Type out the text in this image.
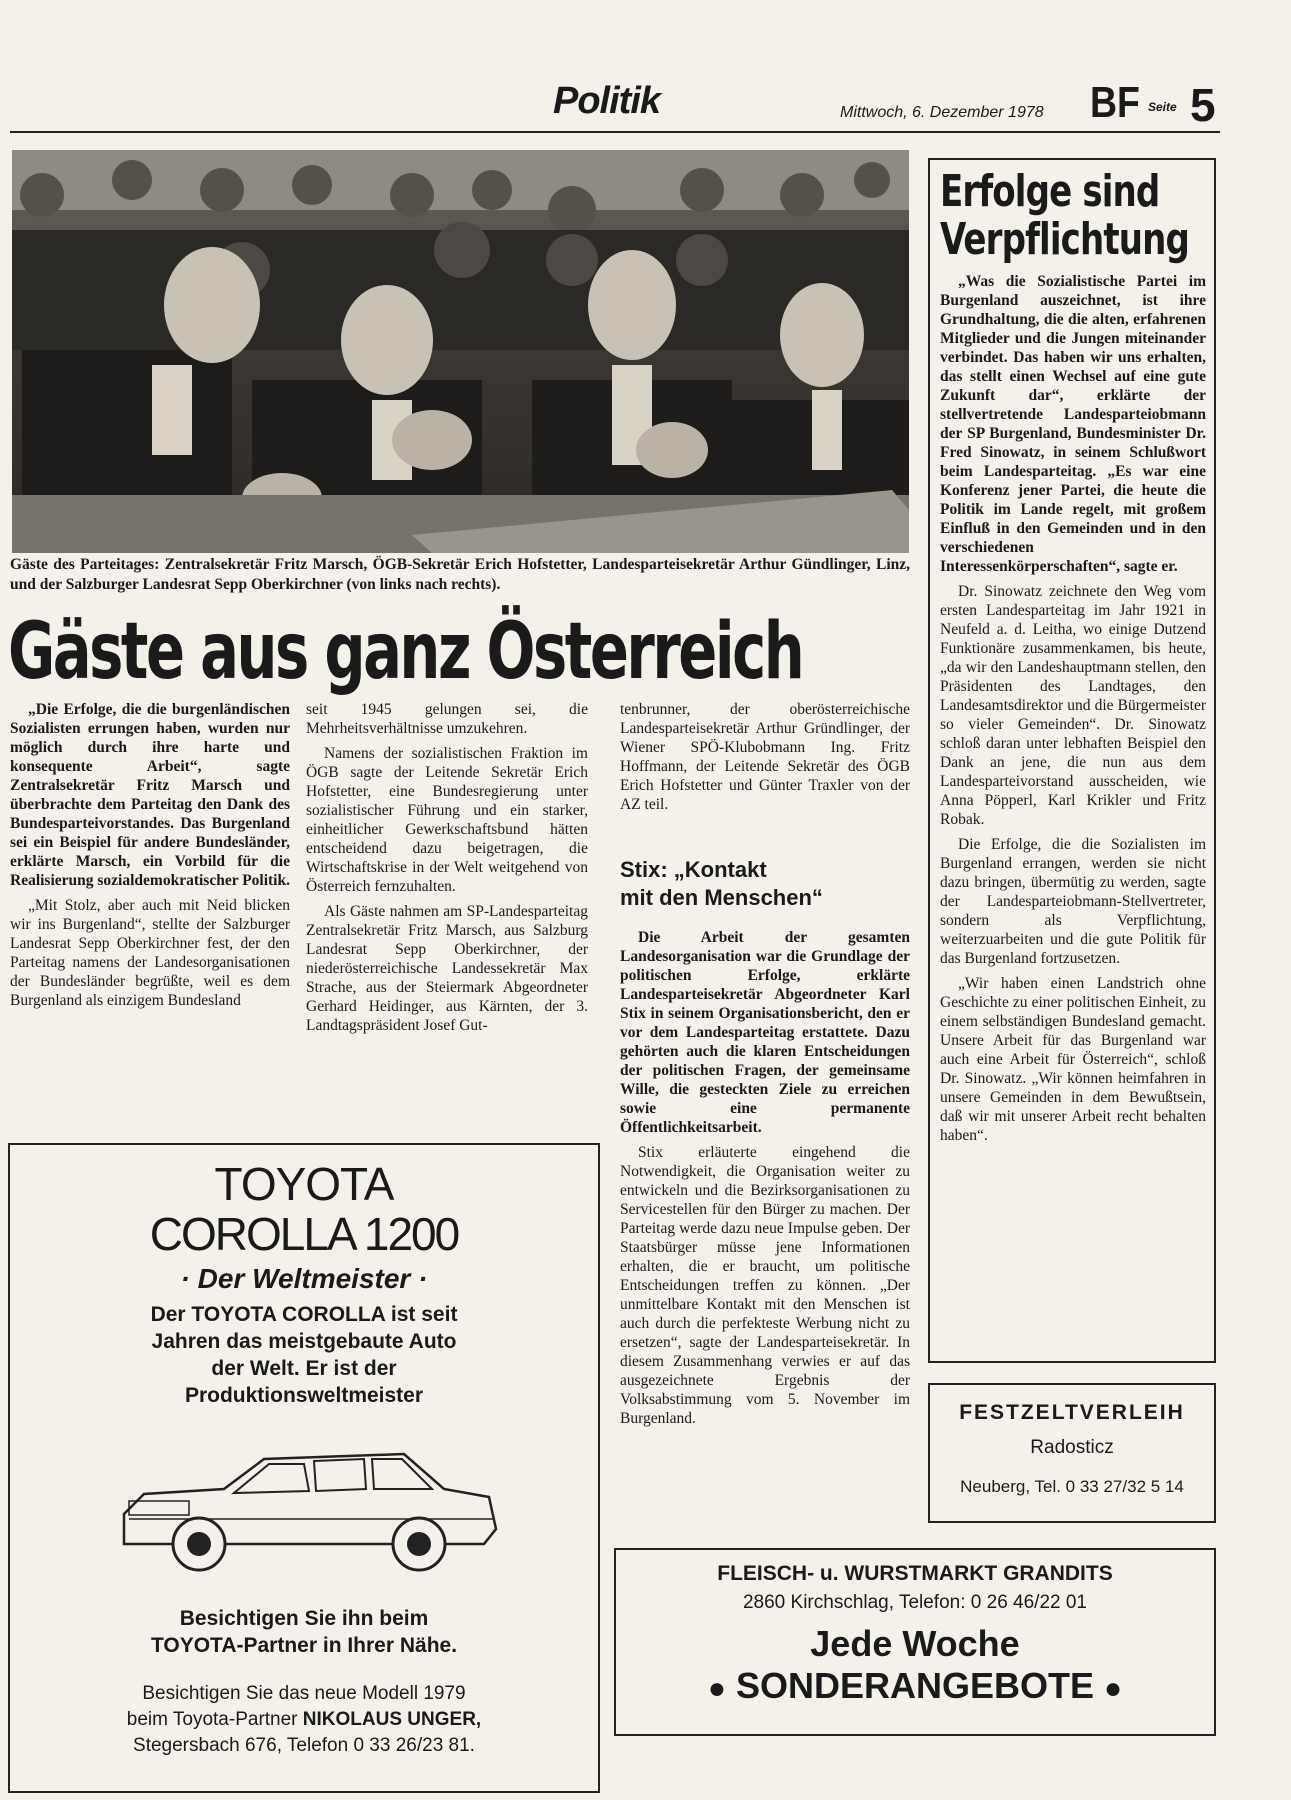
Politik	Mittwoch, 6. Dezember 1978 BF Seite 5
Gäste des Parteitages: Zentralsekretär Fritz Marsch, ÖGB-Sekretär Erich Hofstetter, Landesparteisekretär Arthur Gündlinger, Linz, und der Salzburger Landesrat Sepp Oberkirchner (von links nach rechts).
Gäste aus ganz Österreich

„Die Erfolge, die die burgenländischen Sozialisten errungen haben, wurden nur möglich durch ihre harte und konsequente Arbeit“, sagte Zentralsekretär Fritz Marsch und überbrachte dem Parteitag den Dank des Bundesparteivorstandes. Das Burgenland sei ein Beispiel für andere Bundesländer, erklärte Marsch, ein Vorbild für die Realisierung sozialdemokratischer Politik.

„Mit Stolz, aber auch mit Neid blicken wir ins Burgenland“, stellte der Salzburger Landesrat Sepp Oberkirchner fest, der den Parteitag namens der Landesorganisationen der Bundesländer begrüßte, weil es dem Burgenland als einzigem Bundesland

seit 1945 gelungen sei, die Mehrheitsverhältnisse umzukehren.

Namens der sozialistischen Fraktion im ÖGB sagte der Leitende Sekretär Erich Hofstetter, eine Bundesregierung unter sozialistischer Führung und ein starker, einheitlicher Gewerkschaftsbund hätten entscheidend dazu beigetragen, die Wirtschaftskrise in der Welt weitgehend von Österreich fernzuhalten.

Als Gäste nahmen am SP-Landesparteitag Zentralsekretär Fritz Marsch, aus Salzburg Landesrat Sepp Oberkirchner, der niederösterreichische Landessekretär Max Strache, aus der Steiermark Abgeordneter Gerhard Heidinger, aus Kärnten, der 3. Landtagspräsident Josef Gut-

tenbrunner, der oberösterreichische Landesparteisekretär Arthur Gründlinger, der Wiener SPÖ-Klubobmann Ing. Fritz Hoffmann, der Leitende Sekretär des ÖGB Erich Hofstetter und Günter Traxler von der AZ teil.

Stix: „Kontakt
mit den Menschen“

Die Arbeit der gesamten Landesorganisation war die Grundlage der politischen Erfolge, erklärte Landesparteisekretär Abgeordneter Karl Stix in seinem Organisationsbericht, den er vor dem Landesparteitag erstattete. Dazu gehörten auch die klaren Entscheidungen der politischen Fragen, der gemeinsame Wille, die gesteckten Ziele zu erreichen sowie eine permanente Öffentlichkeitsarbeit.

Stix erläuterte eingehend die Notwendigkeit, die Organisation weiter zu entwickeln und die Bezirksorganisationen zu Servicestellen für den Bürger zu machen. Der Parteitag werde dazu neue Impulse geben. Der Staatsbürger müsse jene Informationen erhalten, die er braucht, um politische Entscheidungen treffen zu können. „Der unmittelbare Kontakt mit den Menschen ist auch durch die perfekteste Werbung nicht zu ersetzen“, sagte der Landesparteisekretär. In diesem Zusammenhang verwies er auf das ausgezeichnete Ergebnis der Volksabstimmung vom 5. November im Burgenland.

Erfolge sind
Verpflichtung

„Was die Sozialistische Partei im Burgenland auszeichnet, ist ihre Grundhaltung, die die alten, erfahrenen Mitglieder und die Jungen miteinander verbindet. Das haben wir uns erhalten, das stellt einen Wechsel auf eine gute Zukunft dar“, erklärte der stellvertretende Landesparteiobmann der SP Burgenland, Bundesminister Dr. Fred Sinowatz, in seinem Schlußwort beim Landesparteitag. „Es war eine Konferenz jener Partei, die heute die Politik im Lande regelt, mit großem Einfluß in den Gemeinden und in den verschiedenen Interessenkörperschaften“, sagte er.

Dr. Sinowatz zeichnete den Weg vom ersten Landesparteitag im Jahr 1921 in Neufeld a. d. Leitha, wo einige Dutzend Funktionäre zusammenkamen, bis heute, „da wir den Landeshauptmann stellen, den Präsidenten des Landtages, den Landesamtsdirektor und die Bürgermeister so vieler Gemeinden“. Dr. Sinowatz schloß daran unter lebhaften Beispiel den Dank an jene, die nun aus dem Landesparteivorstand ausscheiden, wie Anna Pöpperl, Karl Krikler und Fritz Robak.

Die Erfolge, die die Sozialisten im Burgenland errangen, werden sie nicht dazu bringen, übermütig zu werden, sagte der Landesparteiobmann-Stellvertreter, sondern als Verpflichtung, weiterzuarbeiten und die gute Politik für das Burgenland fortzusetzen.

„Wir haben einen Landstrich ohne Geschichte zu einer politischen Einheit, zu einem selbständigen Bundesland gemacht. Unsere Arbeit für das Burgenland war auch eine Arbeit für Österreich“, schloß Dr. Sinowatz. „Wir können heimfahren in unsere Gemeinden in dem Bewußtsein, daß wir mit unserer Arbeit recht behalten haben“.

TOYOTA
COROLLA 1200
· Der Weltmeister ·
Der TOYOTA COROLLA ist seit Jahren das meistgebaute Auto der Welt. Er ist der Produktionsweltmeister
Besichtigen Sie ihn beim TOYOTA-Partner in Ihrer Nähe.
Besichtigen Sie das neue Modell 1979
beim Toyota-Partner NIKOLAUS UNGER,
Stegersbach 676, Telefon 0 33 26/23 81.
FESTZELTVERLEIH
Radosticz
Neuberg, Tel. 0 33 27/32 5 14
FLEISCH- u. WURSTMARKT GRANDITS
2860 Kirchschlag, Telefon: 0 26 46/22 01
Jede Woche
● SONDERANGEBOTE ●
